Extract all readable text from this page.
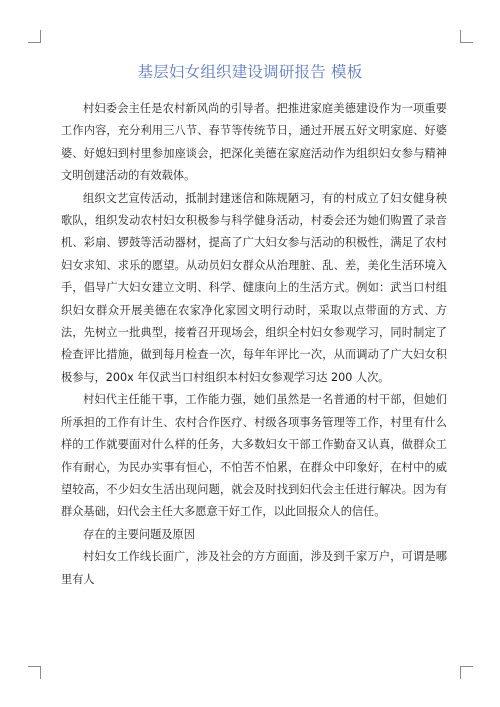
基层妇女组织建设调研报告 模板

村妇委会主任是农村新风尚的引导者。把推进家庭美德建设作为一项重要工作内容，充分利用三八节、春节等传统节日，通过开展五好文明家庭、好婆婆、好媳妇到村里参加座谈会，把深化美德在家庭活动作为组织妇女参与精神文明创建活动的有效载体。

组织文艺宣传活动，抵制封建迷信和陈规陋习，有的村成立了妇女健身秧歌队，组织发动农村妇女积极参与科学健身活动，村委会还为她们购置了录音机、彩扇、锣鼓等活动器材，提高了广大妇女参与活动的积极性，满足了农村妇女求知、求乐的愿望。从动员妇女群众从治理脏、乱、差，美化生活环境入手，倡导广大妇女建立文明、科学、健康向上的生活方式。例如：武当口村组织妇女群众开展美德在农家净化家园文明行动时，采取以点带面的方式、方法，先树立一批典型，接着召开现场会，组织全村妇女参观学习，同时制定了检查评比措施，做到每月检查一次，每年年评比一次，从而调动了广大妇女积极参与，200x 年仅武当口村组织本村妇女参观学习达 200 人次。

村妇代主任能干事，工作能力强，她们虽然是一名普通的村干部，但她们所承担的工作有计生、农村合作医疗、村级各项事务管理等工作，村里有什么样的工作就要面对什么样的任务，大多数妇女干部工作勤奋又认真，做群众工作有耐心，为民办实事有恒心，不怕苦不怕累，在群众中印象好，在村中的威望较高，不少妇女生活出现问题，就会及时找到妇代会主任进行解决。因为有群众基础，妇代会主任大多愿意干好工作，以此回报众人的信任。

存在的主要问题及原因

村妇女工作线长面广，涉及社会的方方面面，涉及到千家万户，可谓是哪里有人
